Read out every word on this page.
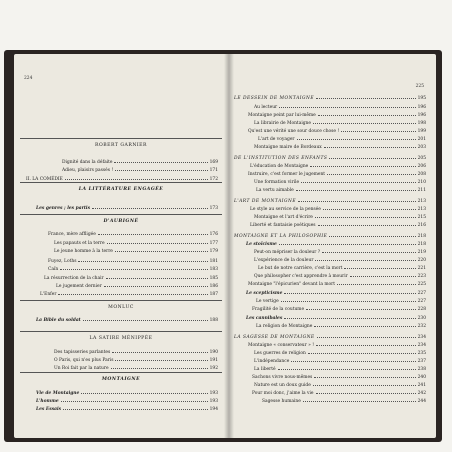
224
ROBERT GARNIER
Dignité dans la défaite	169
Adieu, plaisirs passés !	171
II. LA COMÉDIE	172
LA LITTÉRATURE ENGAGÉE
Les genres ; les partis	173
D'AUBIGNÉ
France, mère affligée	176
Les papauts et la terre	177
Le jeune homme à la terre	179
Fuyez, Loths	181
Caïn	183
La résurrection de la chair	185
Le jugement dernier	186
L'Enfer	187
MONLUC
La Bible du soldat	188
LA SATIRE MÉNIPPÉE
Des tapisseries parlantes	190
O Paris, qui n'es plus Paris	191
Un Roi fait par la nature	192
MONTAIGNE
Vie de Montaigne	193
L'homme	193
Les Essais	194
225
LE DESSEIN DE MONTAIGNE	195
Au lecteur	196
Montaigne peint par lui-même	196
La librairie de Montaigne	198
Qu'est une vérité une sour douce chose !	199
L'art de voyager	201
Montaigne maire de Bordeaux	203
DE L'INSTITUTION DES ENFANTS	205
L'éducation de Montaigne	206
Instruire, c'est former le jugement	208
Une formation virile	210
La vertu aimable	211
L'ART DE MONTAIGNE	213
Le style au service de la pensée	213
Montaigne et l'art d'écrire	215
Liberté et fantaisie poétiques	216
MONTAIGNE ET LA PHILOSOPHIE	218
Le stoïcisme	218
Peut-on mépriser la douleur ?	219
L'expérience de la douleur	220
Le but de notre carrière, c'est la mort	221
Que philosopher c'est apprendre à mourir	223
Montaigne "l'épicurien" devant la mort	225
Le scepticisme	227
Le vertige	227
Fragilité de la coutume	228
Les cannibales	230
La religion de Montaigne	232
LA SAGESSE DE MONTAIGNE	234
Montaigne « conservateur » !	234
Les guerres de religion	235
L'indépendance	237
La liberté	238
Sachons vivre nous-mêmes	240
Nature est un doux guide	241
Pour moi donc, j'aime la vie	242
Sagesse humaine	244
